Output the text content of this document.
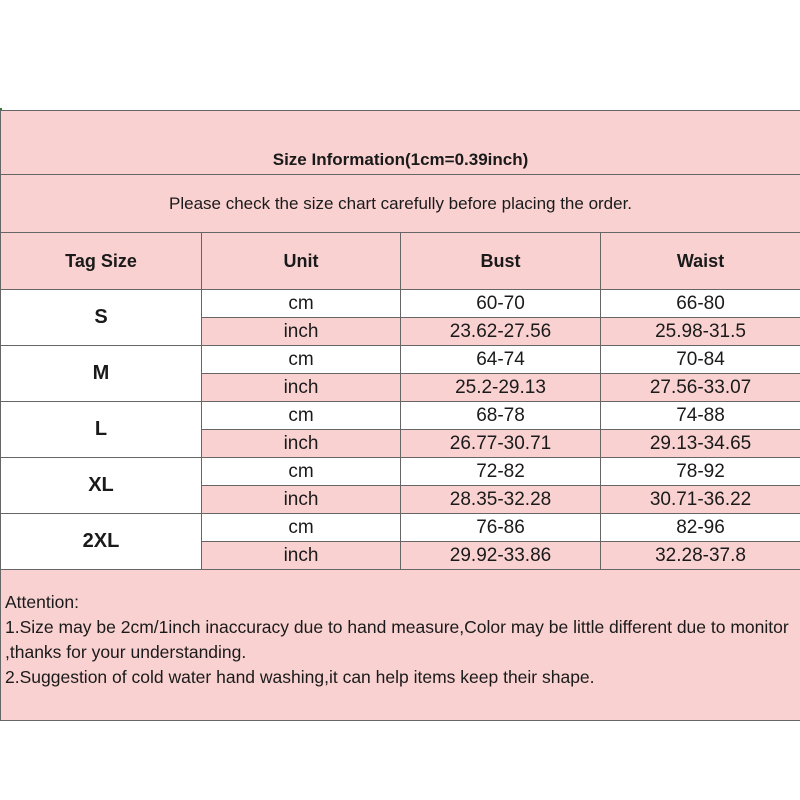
Size Information(1cm=0.39inch)			
Please check the size chart carefully before placing the order.			
Tag Size	Unit	Bust	Waist
S	cm	60-70	66-80
	inch	23.62-27.56	25.98-31.5
M	cm	64-74	70-84
	inch	25.2-29.13	27.56-33.07
L	cm	68-78	74-88
	inch	26.77-30.71	29.13-34.65
XL	cm	72-82	78-92
	inch	28.35-32.28	30.71-36.22
2XL	cm	76-86	82-96
	inch	29.92-33.86	32.28-37.8

Attention:
1.Size may be 2cm/1inch inaccuracy due to hand measure,Color may be little different due to monitor ,thanks for your understanding.
2.Suggestion of cold water hand washing,it can help items keep their shape.			
